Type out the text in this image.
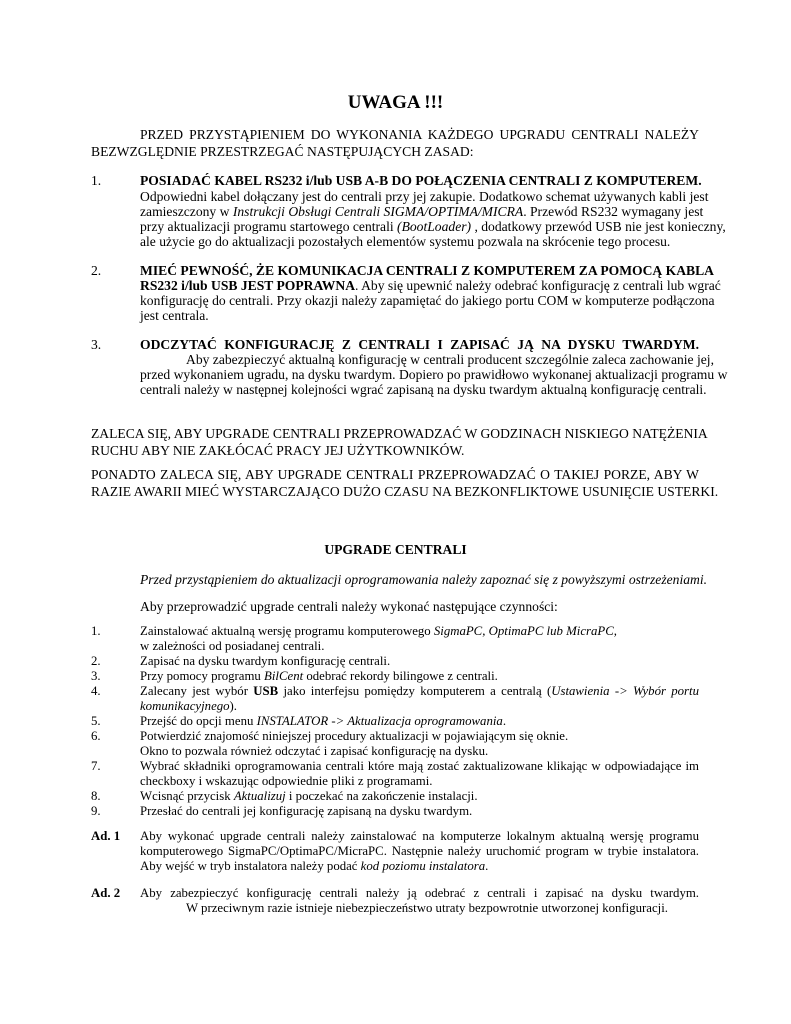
UWAGA !!!
PRZED PRZYSTĄPIENIEM DO WYKONANIA KAŻDEGO UPGRADU CENTRALI NALEŻY
BEZWZGLĘDNIE PRZESTRZEGAĆ NASTĘPUJĄCYCH ZASAD:
1.	POSIADAĆ KABEL RS232 i/lub USB A-B DO POŁĄCZENIA CENTRALI Z KOMPUTEREM.
Odpowiedni kabel dołączany jest do centrali przy jej zakupie. Dodatkowo schemat używanych kabli jest
zamieszczony w Instrukcji Obsługi Centrali SIGMA/OPTIMA/MICRA. Przewód RS232 wymagany jest
przy aktualizacji programu startowego centrali (BootLoader) , dodatkowy przewód USB nie jest konieczny,
ale użycie go do aktualizacji pozostałych elementów systemu pozwala na skrócenie tego procesu.
2.	MIEĆ PEWNOŚĆ, ŻE KOMUNIKACJA CENTRALI Z KOMPUTEREM ZA POMOCĄ KABLA
RS232 i/lub USB JEST POPRAWNA. Aby się upewnić należy odebrać konfigurację z centrali lub wgrać
konfigurację do centrali. Przy okazji należy zapamiętać do jakiego portu COM w komputerze podłączona
jest centrala.
3.	ODCZYTAĆ KONFIGURACJĘ Z CENTRALI I ZAPISAĆ JĄ NA DYSKU TWARDYM.
Aby zabezpieczyć aktualną konfigurację w centrali producent szczególnie zaleca zachowanie jej,
przed wykonaniem ugradu, na dysku twardym. Dopiero po prawidłowo wykonanej aktualizacji programu w
centrali należy w następnej kolejności wgrać zapisaną na dysku twardym aktualną konfigurację centrali.
ZALECA SIĘ, ABY UPGRADE CENTRALI PRZEPROWADZAĆ W GODZINACH NISKIEGO NATĘŻENIA
RUCHU ABY NIE ZAKŁÓCAĆ PRACY JEJ UŻYTKOWNIKÓW.
PONADTO ZALECA SIĘ, ABY UPGRADE CENTRALI PRZEPROWADZAĆ O TAKIEJ PORZE, ABY W
RAZIE AWARII MIEĆ WYSTARCZAJĄCO DUŻO CZASU NA BEZKONFLIKTOWE USUNIĘCIE USTERKI.
UPGRADE CENTRALI
Przed przystąpieniem do aktualizacji oprogramowania należy zapoznać się z powyższymi ostrzeżeniami.
Aby przeprowadzić upgrade centrali należy wykonać następujące czynności:
1.	Zainstalować aktualną wersję programu komputerowego SigmaPC, OptimaPC lub MicraPC,
w zależności od posiadanej centrali.
2.	Zapisać na dysku twardym konfigurację centrali.
3.	Przy pomocy programu BilCent odebrać rekordy bilingowe z centrali.
4.	Zalecany jest wybór USB jako interfejsu pomiędzy komputerem a centralą (Ustawienia -> Wybór portu
komunikacyjnego).
5.	Przejść do opcji menu INSTALATOR -> Aktualizacja oprogramowania.
6.	Potwierdzić znajomość niniejszej procedury aktualizacji w pojawiającym się oknie.
Okno to pozwala również odczytać i zapisać konfigurację na dysku.
7.	Wybrać składniki oprogramowania centrali które mają zostać zaktualizowane klikając w odpowiadające im
checkboxy i wskazując odpowiednie pliki z programami.
8.	Wcisnąć przycisk Aktualizuj i poczekać na zakończenie instalacji.
9.	Przesłać do centrali jej konfigurację zapisaną na dysku twardym.
Ad. 1 Aby wykonać upgrade centrali należy zainstalować na komputerze lokalnym aktualną wersję programu
komputerowego SigmaPC/OptimaPC/MicraPC. Następnie należy uruchomić program w trybie instalatora.
Aby wejść w tryb instalatora należy podać kod poziomu instalatora.
Ad. 2 Aby zabezpieczyć konfigurację centrali należy ją odebrać z centrali i zapisać na dysku twardym.
W przeciwnym razie istnieje niebezpieczeństwo utraty bezpowrotnie utworzonej konfiguracji.
